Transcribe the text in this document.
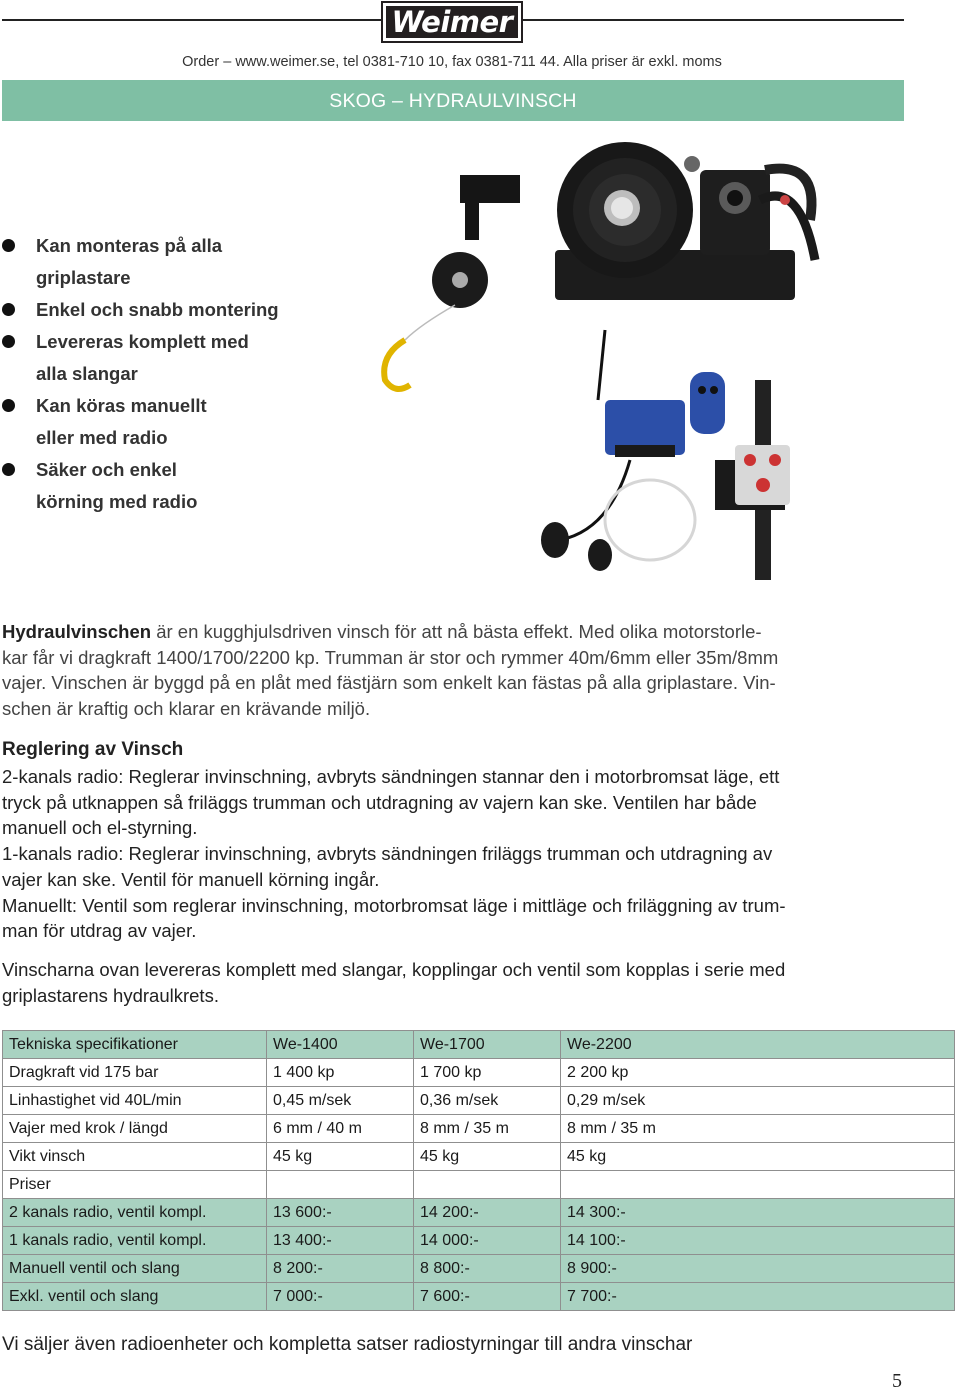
Weimer
Order – www.weimer.se, tel 0381-710 10, fax 0381-711 44. Alla priser är exkl. moms
SKOG – HYDRAULVINSCH
Kan monteras på alla
griplastare
Enkel och snabb montering
Levereras komplett med
alla slangar
Kan köras manuellt
eller med radio
Säker och enkel
körning med radio
Hydraulvinschen är en kugghjulsdriven vinsch för att nå bästa effekt. Med olika motorstorle-
kar får vi dragkraft 1400/1700/2200 kp. Trumman är stor och rymmer 40m/6mm eller 35m/8mm
vajer. Vinschen är byggd på en plåt med fästjärn som enkelt kan fästas på alla griplastare. Vin-
schen är kraftig och klarar en krävande miljö.
Reglering av Vinsch
2-kanals radio: Reglerar invinschning, avbryts sändningen stannar den i motorbromsat läge, ett
tryck på utknappen så friläggs trumman och utdragning av vajern kan ske. Ventilen har både
manuell och el-styrning.
1-kanals radio: Reglerar invinschning, avbryts sändningen friläggs trumman och utdragning av
vajer kan ske. Ventil för manuell körning ingår.
Manuellt: Ventil som reglerar invinschning, motorbromsat läge i mittläge och friläggning av trum-
man för utdrag av vajer.
Vinscharna ovan levereras komplett med slangar, kopplingar och ventil som kopplas i serie med
griplastarens hydraulkrets.
Tekniska specifikationer	We-1400	We-1700	We-2200
Dragkraft vid 175 bar	1 400 kp	1 700 kp	2 200 kp
Linhastighet vid 40L/min	0,45 m/sek	0,36 m/sek	0,29 m/sek
Vajer med krok / längd	6 mm / 40 m	8 mm / 35 m	8 mm / 35 m
Vikt vinsch	45 kg	45 kg	45 kg
Priser			
2 kanals radio, ventil kompl.	13 600:-	14 200:-	14 300:-
1 kanals radio, ventil kompl.	13 400:-	14 000:-	14 100:-
Manuell ventil och slang	8 200:-	8 800:-	8 900:-
Exkl. ventil och slang	7 000:-	7 600:-	7 700:-
Vi säljer även radioenheter och kompletta satser radiostyrningar till andra vinschar
5
